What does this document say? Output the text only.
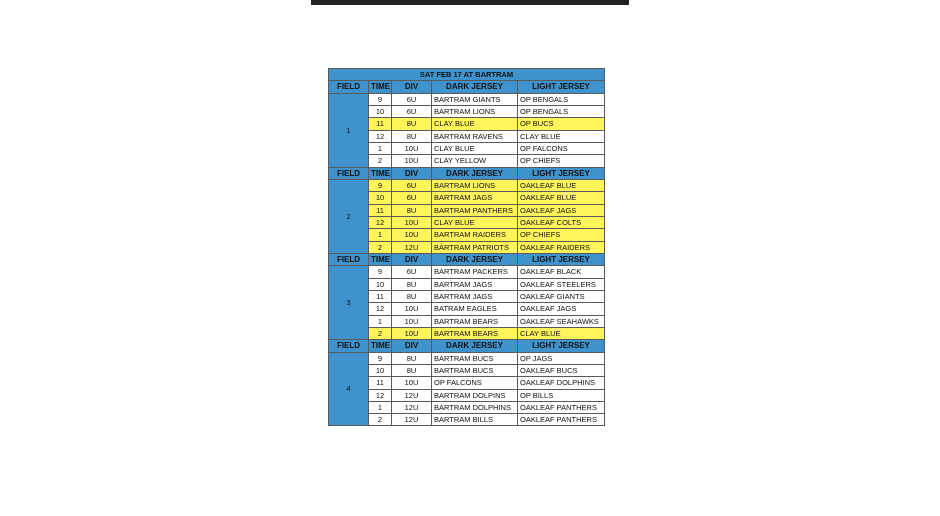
SAT FEB 17 AT BARTRAM				
FIELD	TIME	DIV	DARK JERSEY	LIGHT JERSEY
1	9	6U	BARTRAM GIANTS	OP BENGALS
	10	6U	BARTRAM LIONS	OP BENGALS
	11	8U	CLAY BLUE	OP BUCS
	12	8U	BARTRAM RAVENS	CLAY BLUE
	1	10U	CLAY BLUE	OP FALCONS
	2	10U	CLAY YELLOW	OP CHIEFS
FIELD	TIME	DIV	DARK JERSEY	LIGHT JERSEY
2	9	6U	BARTRAM LIONS	OAKLEAF BLUE
	10	6U	BARTRAM JAGS	OAKLEAF BLUE
	11	8U	BARTRAM PANTHERS	OAKLEAF JAGS
	12	10U	CLAY BLUE	OAKLEAF COLTS
	1	10U	BARTRAM RAIDERS	OP CHIEFS
	2	12U	BARTRAM PATRIOTS	OAKLEAF RAIDERS
FIELD	TIME	DIV	DARK JERSEY	LIGHT JERSEY
3	9	6U	BARTRAM PACKERS	OAKLEAF BLACK
	10	8U	BARTRAM JAGS	OAKLEAF STEELERS
	11	8U	BARTRAM JAGS	OAKLEAF GIANTS
	12	10U	BATRAM EAGLES	OAKLEAF JAGS
	1	10U	BARTRAM BEARS	OAKLEAF SEAHAWKS
	2	10U	BARTRAM BEARS	CLAY BLUE
FIELD	TIME	DIV	DARK JERSEY	LIGHT JERSEY
4	9	8U	BARTRAM BUCS	OP JAGS
	10	8U	BARTRAM BUCS	OAKLEAF BUCS
	11	10U	OP FALCONS	OAKLEAF DOLPHINS
	12	12U	BARTRAM DOLPINS	OP BILLS
	1	12U	BARTRAM DOLPHINS	OAKLEAF PANTHERS
	2	12U	BARTRAM BILLS	OAKLEAF PANTHERS
